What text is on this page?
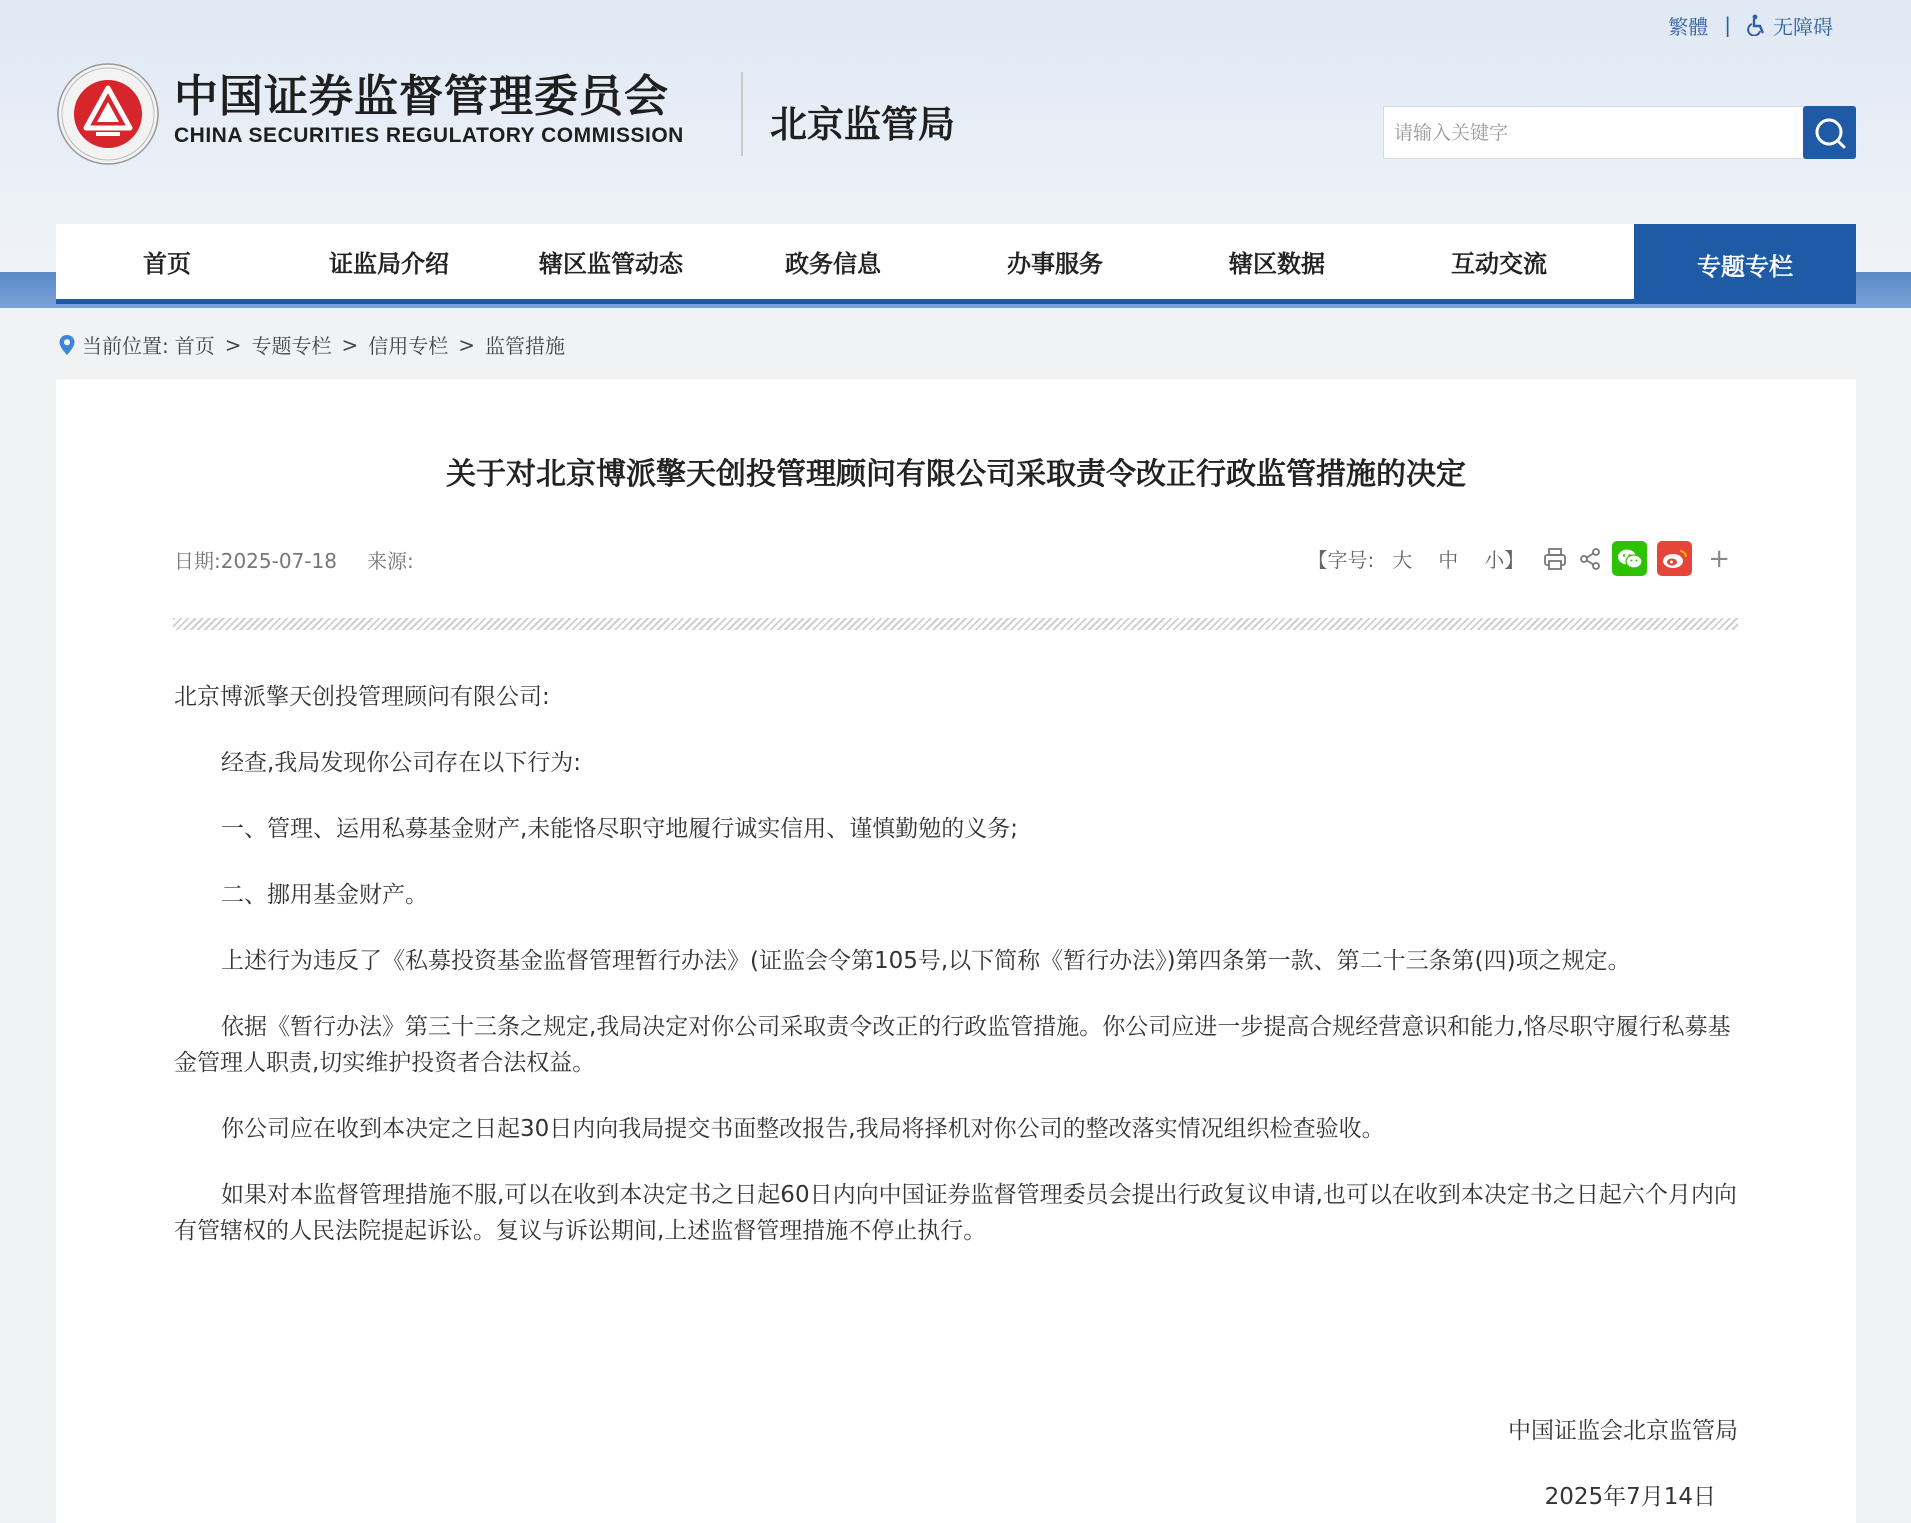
繁體 | 无障碍
中国证券监督管理委员会
CHINA SECURITIES REGULATORY COMMISSION 北京监管局
请输入关键字
首页	证监局介绍	辖区监管动态	政务信息	办事服务	辖区数据	互动交流	专题专栏
当前位置: 首页 > 专题专栏 > 信用专栏 > 监管措施
关于对北京博派擎天创投管理顾问有限公司采取责令改正行政监管措施的决定
日期:2025-07-18 来源:	【字号: 大	中	小】	+

北京博派擎天创投管理顾问有限公司:

经查,我局发现你公司存在以下行为:

一、管理、运用私募基金财产,未能恪尽职守地履行诚实信用、谨慎勤勉的义务;

二、挪用基金财产。

上述行为违反了《私募投资基金监督管理暂行办法》(证监会令第105号,以下简称《暂行办法》)第四条第一款、第二十三条第(四)项之规定。

依据《暂行办法》第三十三条之规定,我局决定对你公司采取责令改正的行政监管措施。你公司应进一步提高合规经营意识和能力,恪尽职守履行私募基金管理人职责,切实维护投资者合法权益。

你公司应在收到本决定之日起30日内向我局提交书面整改报告,我局将择机对你公司的整改落实情况组织检查验收。

如果对本监督管理措施不服,可以在收到本决定书之日起60日内向中国证券监督管理委员会提出行政复议申请,也可以在收到本决定书之日起六个月内向有管辖权的人民法院提起诉讼。复议与诉讼期间,上述监督管理措施不停止执行。

中国证监会北京监管局
2025年7月14日
